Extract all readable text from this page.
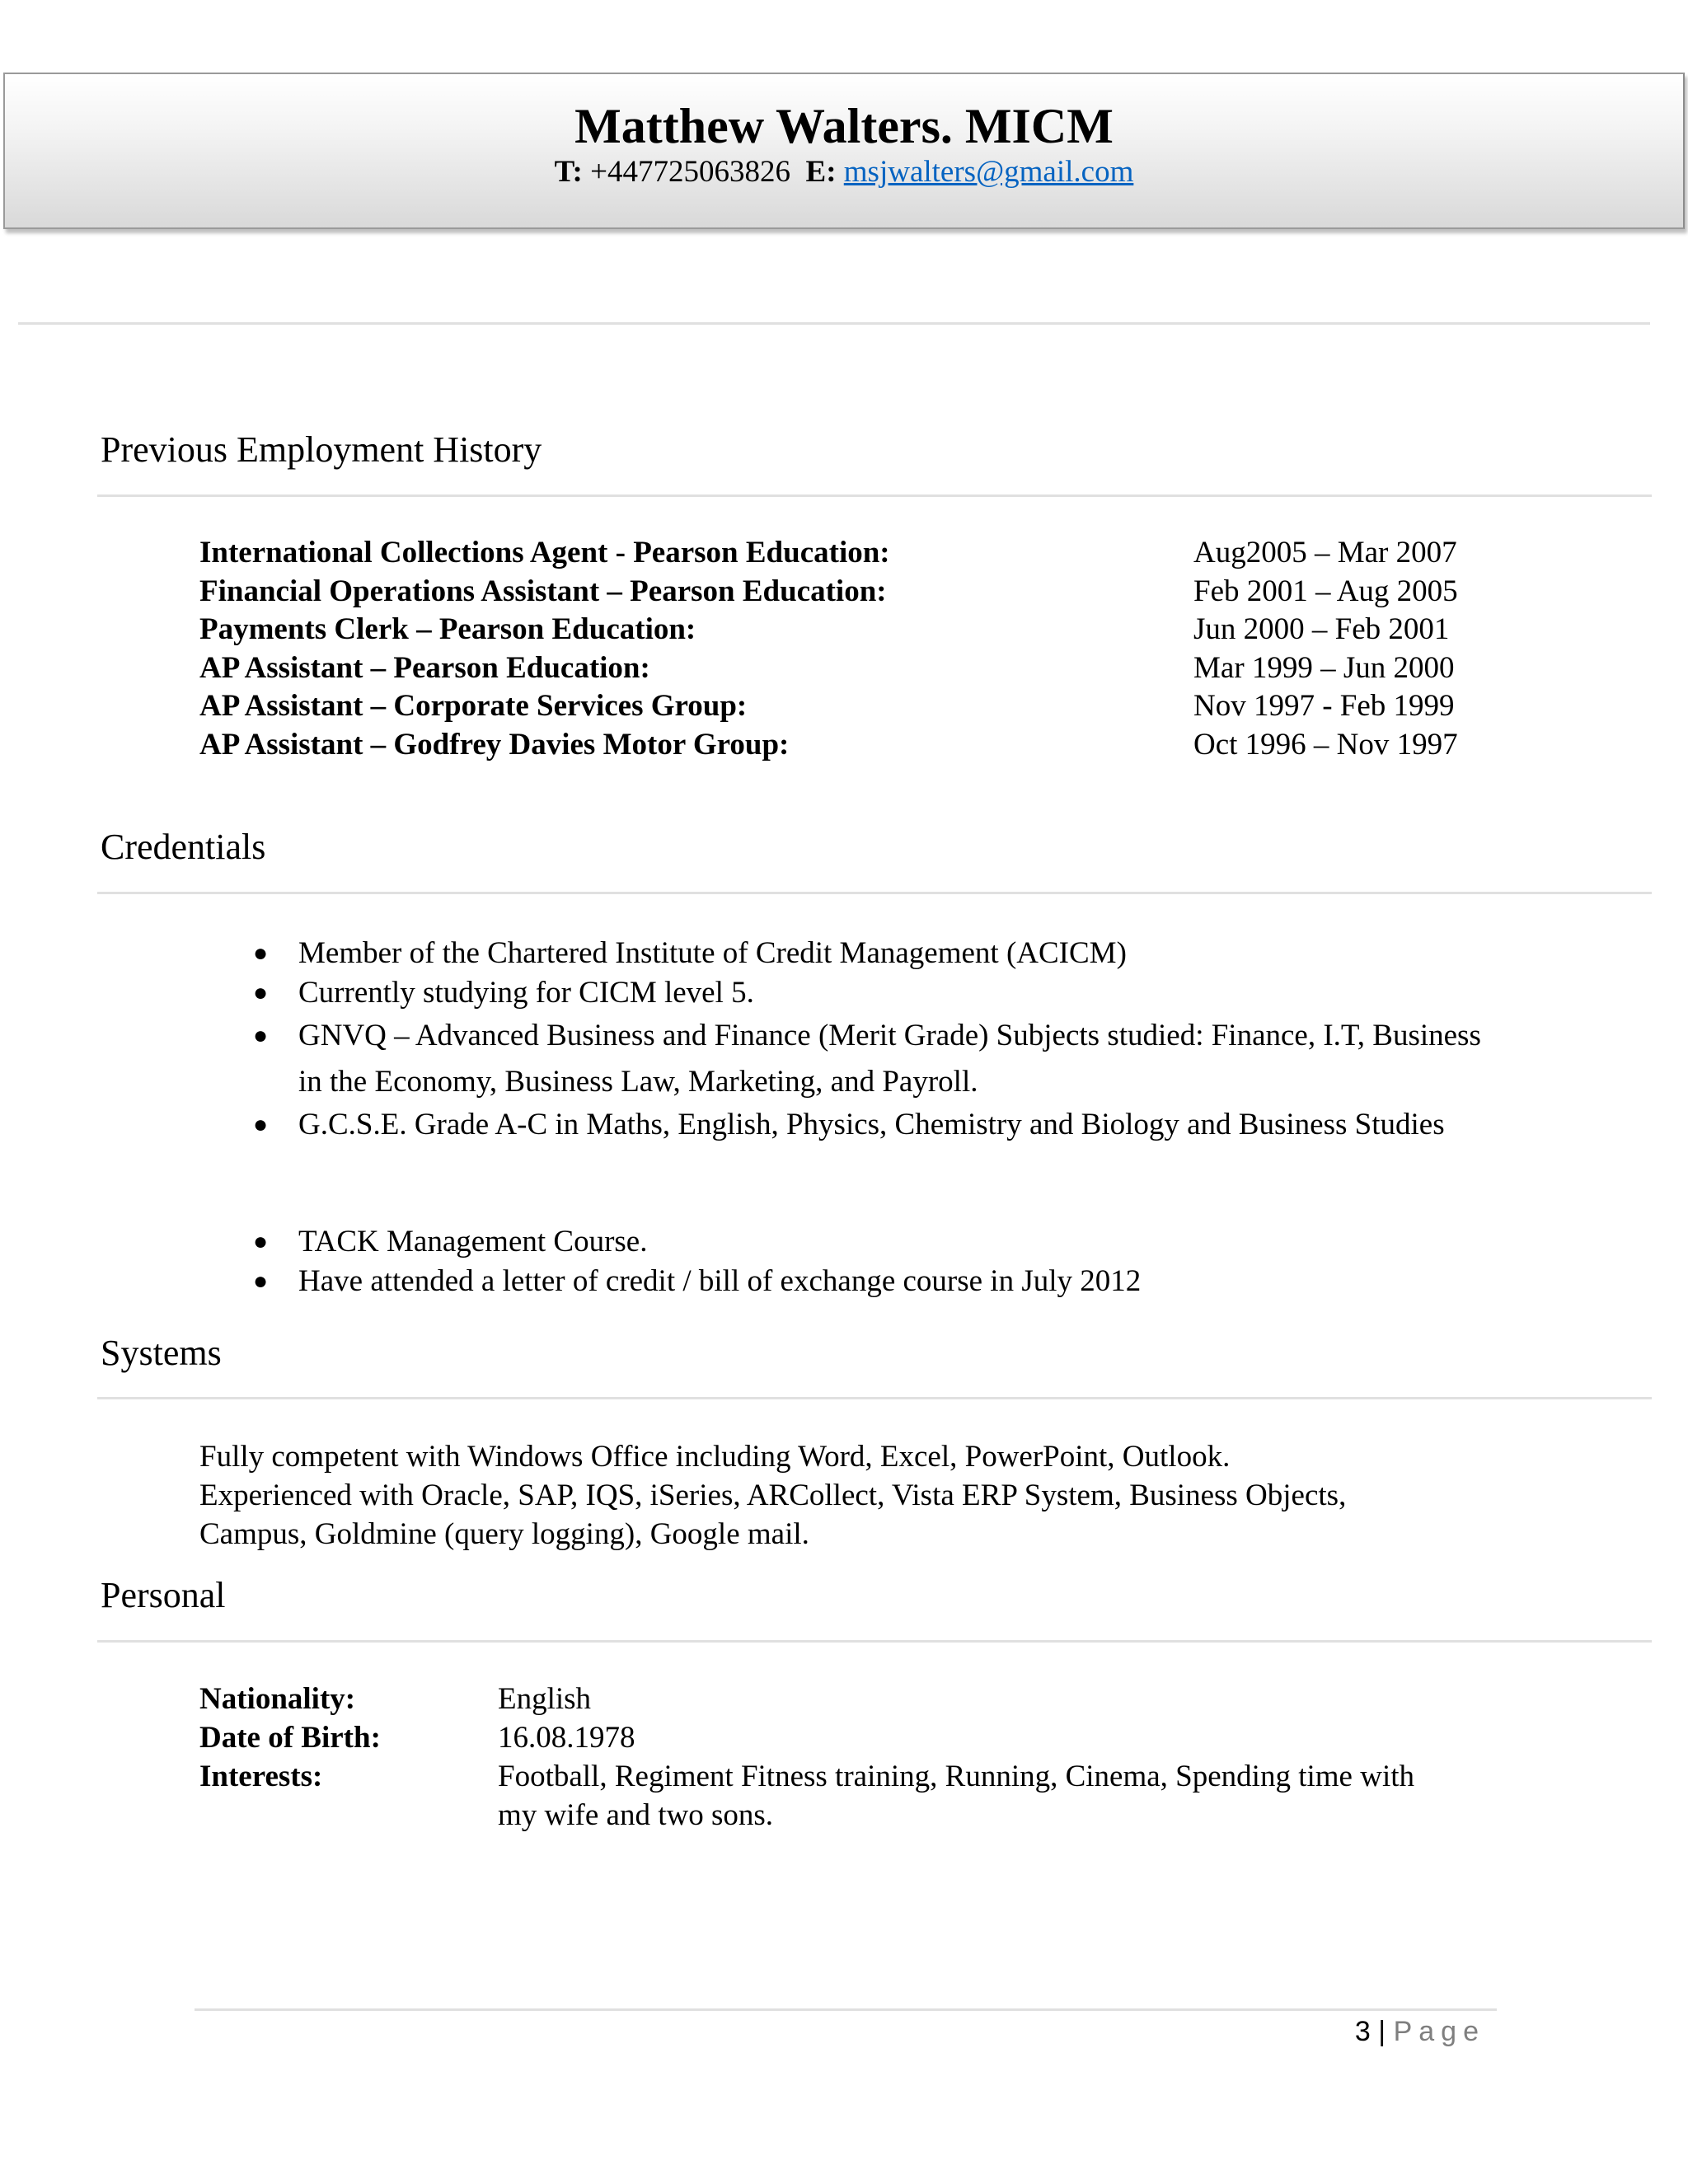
Matthew Walters. MICM
T: +447725063826 E: msjwalters@gmail.com
Previous Employment History
International Collections Agent - Pearson Education:	Aug2005 – Mar 2007
Financial Operations Assistant – Pearson Education:	Feb 2001 – Aug 2005
Payments Clerk – Pearson Education:	Jun 2000 – Feb 2001
AP Assistant – Pearson Education:	Mar 1999 – Jun 2000
AP Assistant – Corporate Services Group:	Nov 1997 - Feb 1999
AP Assistant – Godfrey Davies Motor Group:	Oct 1996 – Nov 1997
Credentials
● Member of the Chartered Institute of Credit Management (ACICM)
● Currently studying for CICM level 5.
● GNVQ – Advanced Business and Finance (Merit Grade) Subjects studied: Finance, I.T, Business in the Economy, Business Law, Marketing, and Payroll.
● G.C.S.E. Grade A-C in Maths, English, Physics, Chemistry and Biology and Business Studies
● TACK Management Course.
● Have attended a letter of credit / bill of exchange course in July 2012
Systems
Fully competent with Windows Office including Word, Excel, PowerPoint, Outlook.
Experienced with Oracle, SAP, IQS, iSeries, ARCollect, Vista ERP System, Business Objects,
Campus, Goldmine (query logging), Google mail.
Personal
Nationality:	English
Date of Birth:	16.08.1978
Interests:	Football, Regiment Fitness training, Running, Cinema, Spending time with my wife and two sons.
3 | Page
